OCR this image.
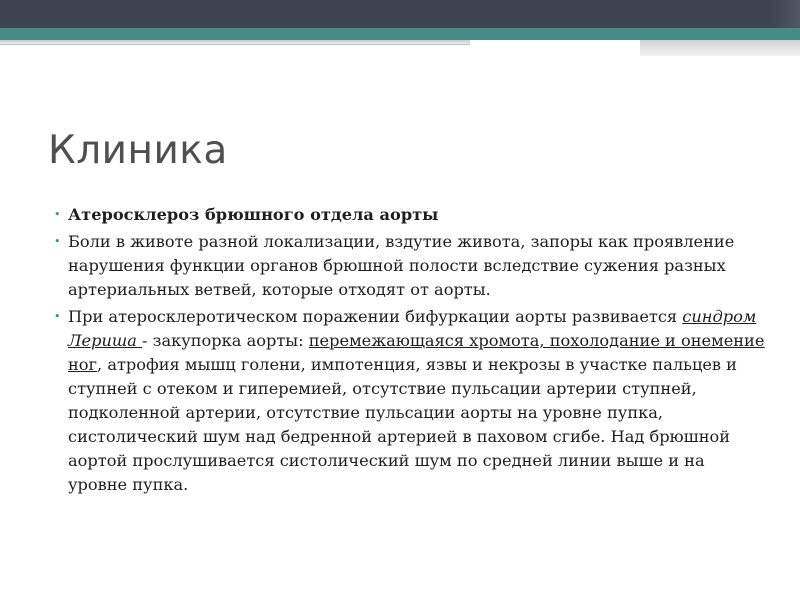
Клиника
• Атеросклероз брюшного отдела аорты
• Боли в животе разной локализации, вздутие живота, запоры как проявление нарушения функции органов брюшной полости вследствие сужения разных артериальных ветвей, которые отходят от аорты.
• При атеросклеротическом поражении бифуркации аорты развивается синдром Лериша - закупорка аорты: перемежающаяся хромота, похолодание и онемение ног, атрофия мышц голени, импотенция, язвы и некрозы в участке пальцев и ступней с отеком и гиперемией, отсутствие пульсации артерии ступней, подколенной артерии, отсутствие пульсации аорты на уровне пупка, систолический шум над бедренной артерией в паховом сгибе. Над брюшной аортой прослушивается систолический шум по средней линии выше и на уровне пупка.
